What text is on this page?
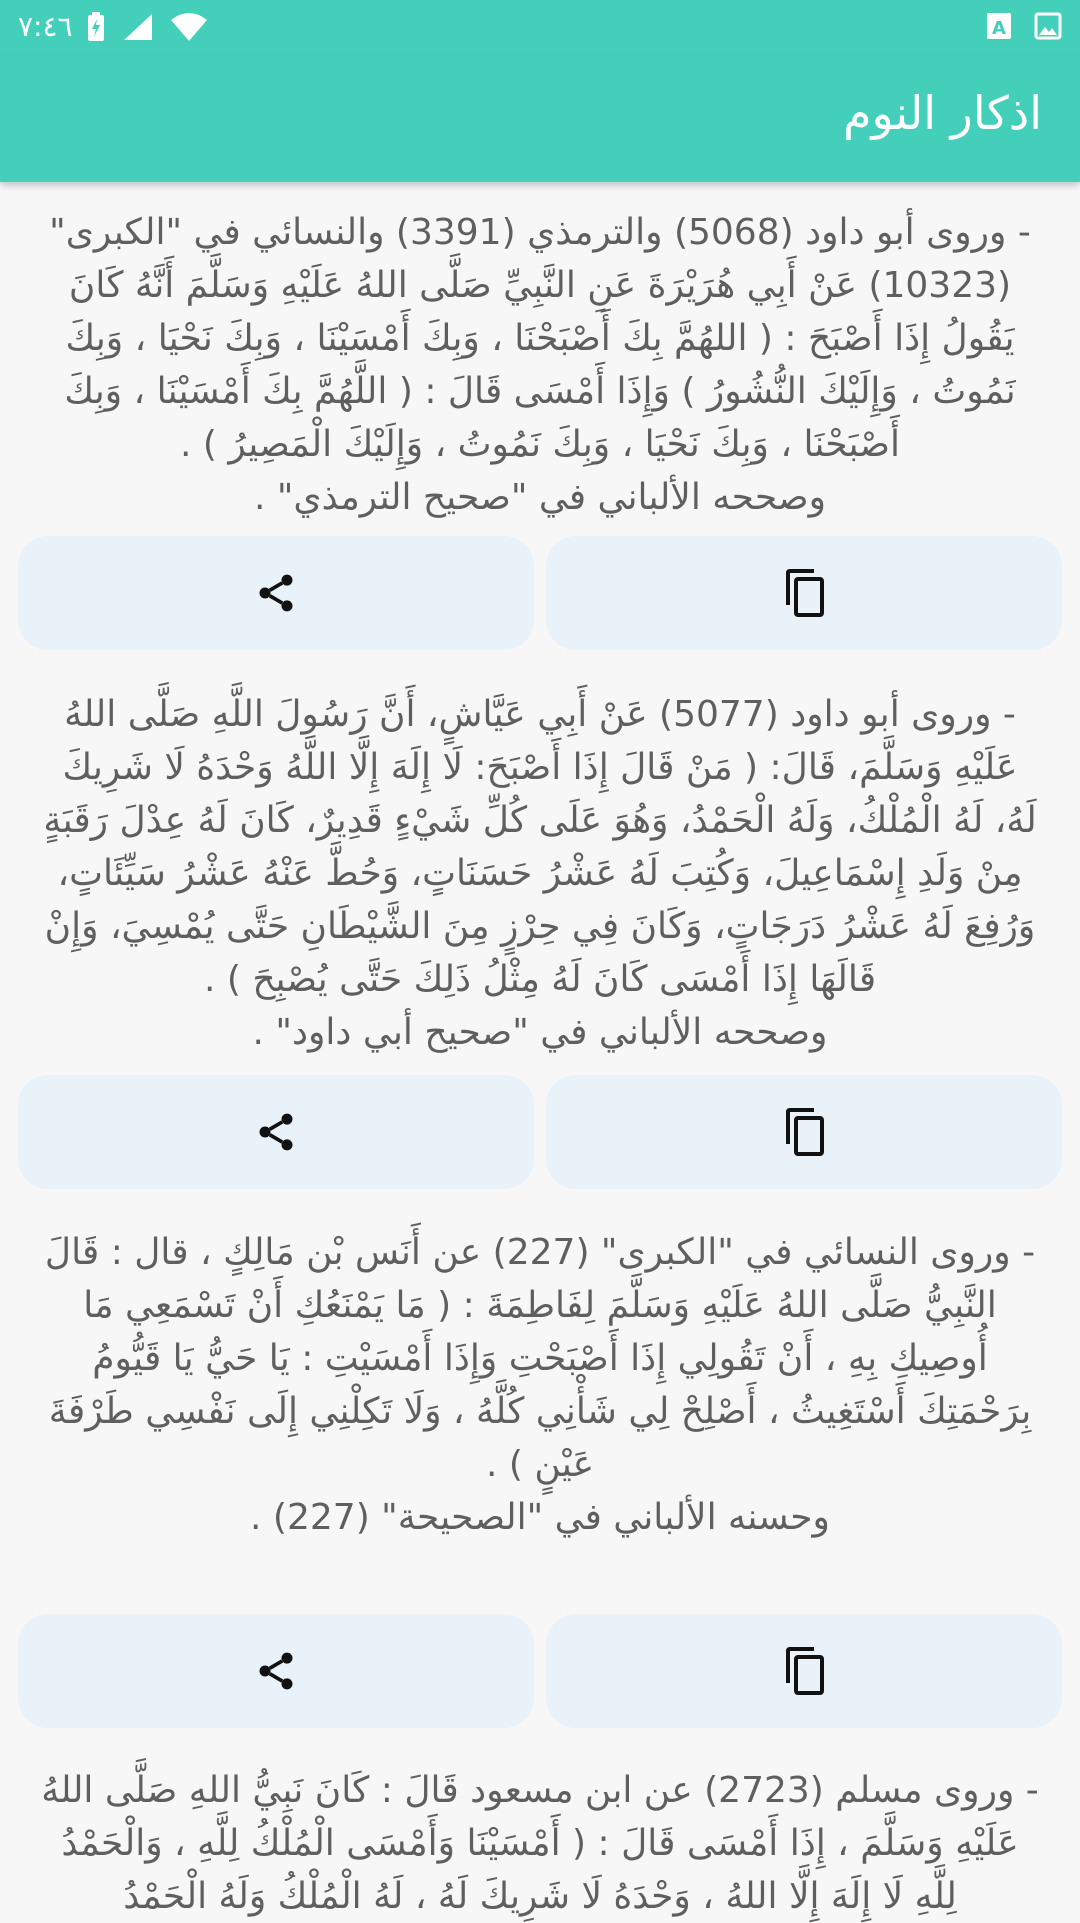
٧:٤٦	A
اذكار النوم

- وروى أبو داود (5068) والترمذي (3391) والنسائي في "الكبرى" (10323) عَنْ أَبِي هُرَيْرَةَ عَنِ النَّبِيِّ صَلَّى اللهُ عَلَيْهِ وَسَلَّمَ أَنَّهُ كَانَ يَقُولُ إِذَا أَصْبَحَ : ( اللهُمَّ بِكَ أَصْبَحْنَا ، وَبِكَ أَمْسَيْنَا ، وَبِكَ نَحْيَا ، وَبِكَ نَمُوتُ ، وَإِلَيْكَ النُّشُورُ ) وَإِذَا أَمْسَى قَالَ : ( اللَّهُمَّ بِكَ أَمْسَيْنَا ، وَبِكَ أَصْبَحْنَا ، وَبِكَ نَحْيَا ، وَبِكَ نَمُوتُ ، وَإِلَيْكَ الْمَصِيرُ ) .
وصححه الألباني في "صحيح الترمذي" .

- وروى أبو داود (5077) عَنْ أَبِي عَيَّاشٍ، أَنَّ رَسُولَ اللَّهِ صَلَّى اللهُ عَلَيْهِ وَسَلَّمَ، قَالَ: ( مَنْ قَالَ إِذَا أَصْبَحَ: لَا إِلَهَ إِلَّا اللَّهُ وَحْدَهُ لَا شَرِيكَ لَهُ، لَهُ الْمُلْكُ، وَلَهُ الْحَمْدُ، وَهُوَ عَلَى كُلِّ شَيْءٍ قَدِيرٌ، كَانَ لَهُ عِدْلَ رَقَبَةٍ مِنْ وَلَدِ إِسْمَاعِيلَ، وَكُتِبَ لَهُ عَشْرُ حَسَنَاتٍ، وَحُطَّ عَنْهُ عَشْرُ سَيِّئَاتٍ، وَرُفِعَ لَهُ عَشْرُ دَرَجَاتٍ، وَكَانَ فِي حِرْزٍ مِنَ الشَّيْطَانِ حَتَّى يُمْسِيَ، وَإِنْ قَالَهَا إِذَا أَمْسَى كَانَ لَهُ مِثْلُ ذَلِكَ حَتَّى يُصْبِحَ ) .
وصححه الألباني في "صحيح أبي داود" .

- وروى النسائي في "الكبرى" (227) عن أَنَس بْن مَالِكٍ ، قال : قَالَ النَّبِيُّ صَلَّى اللهُ عَلَيْهِ وَسَلَّمَ لِفَاطِمَةَ : ( مَا يَمْنَعُكِ أَنْ تَسْمَعِي مَا أُوصِيكِ بِهِ ، أَنْ تَقُولِي إِذَا أَصْبَحْتِ وَإِذَا أَمْسَيْتِ : يَا حَيُّ يَا قَيُّومُ بِرَحْمَتِكَ أَسْتَغِيثُ ، أَصْلِحْ لِي شَأْنِي كُلَّهُ ، وَلَا تَكِلْنِي إِلَى نَفْسِي طَرْفَةَ عَيْنٍ ) .
وحسنه الألباني في "الصحيحة" (227) .

- وروى مسلم (2723) عن ابن مسعود قَالَ : كَانَ نَبِيُّ اللهِ صَلَّى اللهُ عَلَيْهِ وَسَلَّمَ ، إِذَا أَمْسَى قَالَ : ( أَمْسَيْنَا وَأَمْسَى الْمُلْكُ لِلَّهِ ، وَالْحَمْدُ لِلَّهِ لَا إِلَهَ إِلَّا اللهُ ، وَحْدَهُ لَا شَرِيكَ لَهُ ، لَهُ الْمُلْكُ وَلَهُ الْحَمْدُ
